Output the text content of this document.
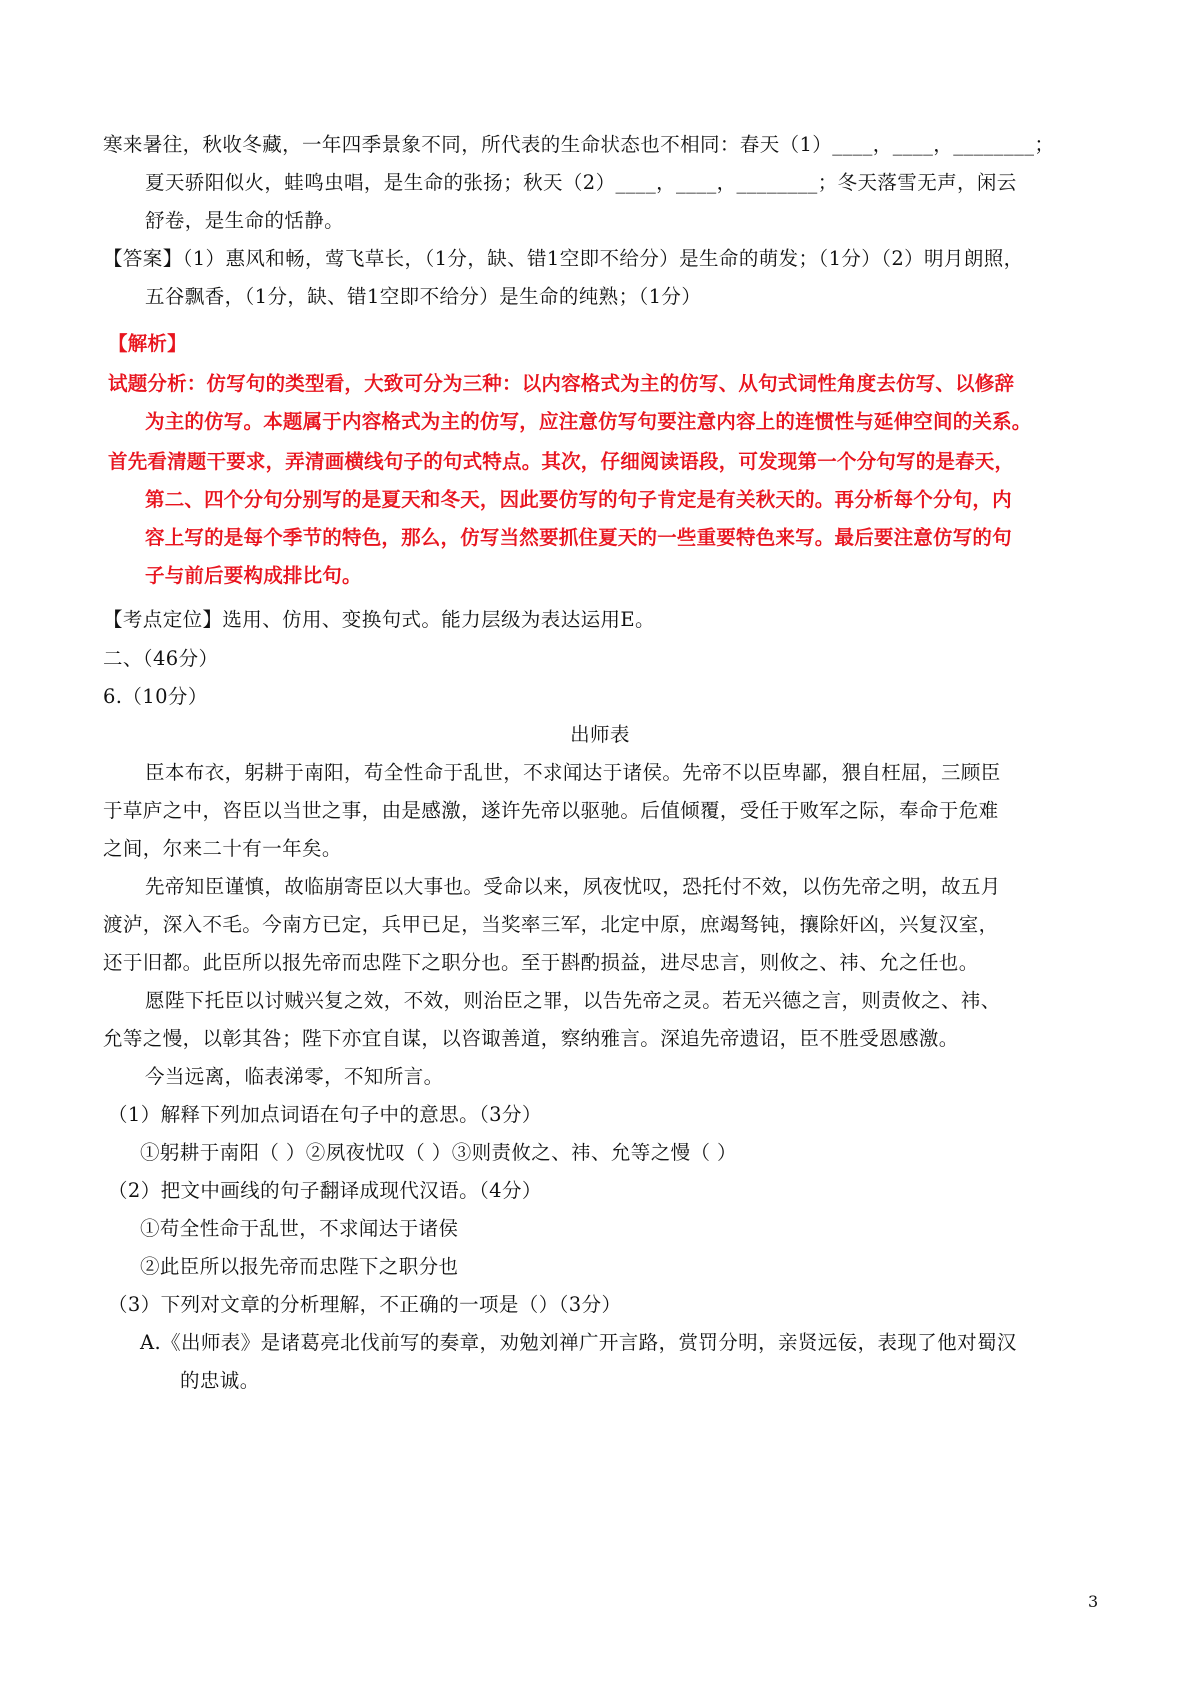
寒来暑往，秋收冬藏，一年四季景象不同，所代表的生命状态也不相同：春天（1）____，____，________；
夏天骄阳似火，蛙鸣虫唱，是生命的张扬；秋天（2）____，____，________；冬天落雪无声，闲云
舒卷，是生命的恬静。
【答案】（1）惠风和畅，莺飞草长，（1分，缺、错1空即不给分）是生命的萌发；（1分）（2）明月朗照，
五谷飘香，（1分，缺、错1空即不给分）是生命的纯熟；（1分）
【解析】
试题分析：仿写句的类型看，大致可分为三种：以内容格式为主的仿写、从句式词性角度去仿写、以修辞
为主的仿写。本题属于内容格式为主的仿写，应注意仿写句要注意内容上的连惯性与延伸空间的关系。
首先看清题干要求，弄清画横线句子的句式特点。其次，仔细阅读语段，可发现第一个分句写的是春天，
第二、四个分句分别写的是夏天和冬天，因此要仿写的句子肯定是有关秋天的。再分析每个分句，内
容上写的是每个季节的特色，那么，仿写当然要抓住夏天的一些重要特色来写。最后要注意仿写的句
子与前后要构成排比句。
【考点定位】选用、仿用、变换句式。能力层级为表达运用E。
二、（46分）
6.（10分）
出师表
臣本布衣，躬耕于南阳，苟全性命于乱世，不求闻达于诸侯。先帝不以臣卑鄙，猥自枉屈，三顾臣
于草庐之中，咨臣以当世之事，由是感激，遂许先帝以驱驰。后值倾覆，受任于败军之际，奉命于危难
之间，尔来二十有一年矣。
先帝知臣谨慎，故临崩寄臣以大事也。受命以来，夙夜忧叹，恐托付不效，以伤先帝之明，故五月
渡泸，深入不毛。今南方已定，兵甲已足，当奖率三军，北定中原，庶竭驽钝，攘除奸凶，兴复汉室，
还于旧都。此臣所以报先帝而忠陛下之职分也。至于斟酌损益，进尽忠言，则攸之、祎、允之任也。
愿陛下托臣以讨贼兴复之效，不效，则治臣之罪，以告先帝之灵。若无兴德之言，则责攸之、祎、
允等之慢，以彰其咎；陛下亦宜自谋，以咨诹善道，察纳雅言。深追先帝遗诏，臣不胜受恩感激。
今当远离，临表涕零，不知所言。
（1）解释下列加点词语在句子中的意思。（3分）
①躬耕于南阳（ ）②夙夜忧叹（ ）③则责攸之、祎、允等之慢（ ）
（2）把文中画线的句子翻译成现代汉语。（4分）
①苟全性命于乱世，不求闻达于诸侯
②此臣所以报先帝而忠陛下之职分也
（3）下列对文章的分析理解，不正确的一项是（）（3分）
A.《出师表》是诸葛亮北伐前写的奏章，劝勉刘禅广开言路，赏罚分明，亲贤远佞，表现了他对蜀汉
的忠诚。
3
